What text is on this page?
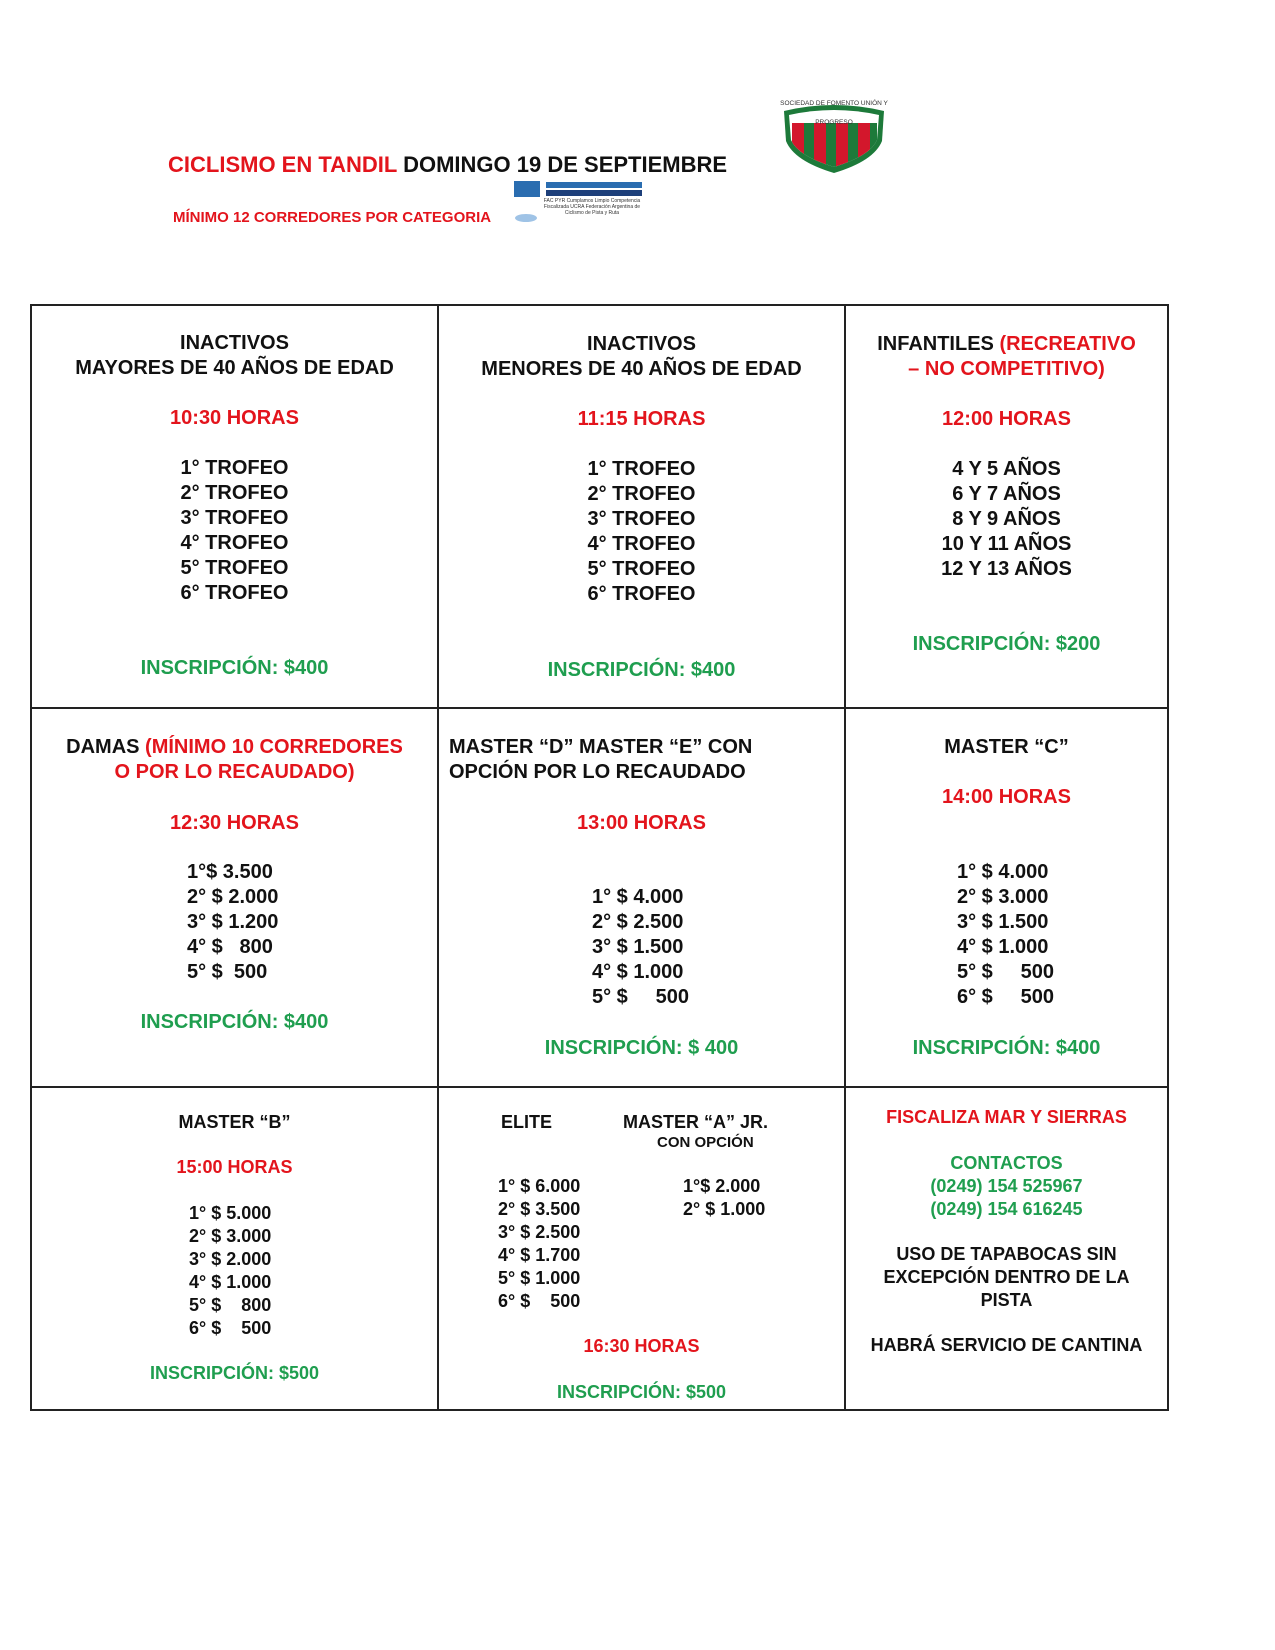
CICLISMO EN TANDIL DOMINGO 19 DE SEPTIEMBRE
MÍNIMO 12 CORREDORES POR CATEGORIA
SOCIEDAD DE FOMENTO UNIÓN Y PROGRESO
FAC PYR Cumplamos Limpio Competencia Fiscalizada UCRA Federación Argentina de Ciclismo de Pista y Ruta
INACTIVOS
MAYORES DE 40 AÑOS DE EDAD
10:30 HORAS
1° TROFEO
2° TROFEO
3° TROFEO
4° TROFEO
5° TROFEO
6° TROFEO
INSCRIPCIÓN: $400
INACTIVOS
MENORES DE 40 AÑOS DE EDAD
11:15 HORAS
1° TROFEO
2° TROFEO
3° TROFEO
4° TROFEO
5° TROFEO
6° TROFEO
INSCRIPCIÓN: $400
INFANTILES (RECREATIVO
– NO COMPETITIVO)
12:00 HORAS
4 Y 5 AÑOS
6 Y 7 AÑOS
8 Y 9 AÑOS
10 Y 11 AÑOS
12 Y 13 AÑOS
INSCRIPCIÓN: $200
DAMAS (MÍNIMO 10 CORREDORES
O POR LO RECAUDADO)
12:30 HORAS
1°$ 3.500
2° $ 2.000
3° $ 1.200
4° $   800
5° $  500
INSCRIPCIÓN: $400
MASTER “D” MASTER “E” CON
OPCIÓN POR LO RECAUDADO
13:00 HORAS
1° $ 4.000
2° $ 2.500
3° $ 1.500
4° $ 1.000
5° $     500
INSCRIPCIÓN: $ 400
MASTER “C”
14:00 HORAS
1° $ 4.000
2° $ 3.000
3° $ 1.500
4° $ 1.000
5° $     500
6° $     500
INSCRIPCIÓN: $400
MASTER “B”
15:00 HORAS
1° $ 5.000
2° $ 3.000
3° $ 2.000
4° $ 1.000
5° $    800
6° $    500
INSCRIPCIÓN: $500
ELITE	MASTER “A” JR.
CON OPCIÓN
1° $ 6.000
2° $ 3.500
3° $ 2.500
4° $ 1.700
5° $ 1.000
6° $    500
1°$ 2.000
2° $ 1.000
16:30 HORAS
INSCRIPCIÓN: $500
FISCALIZA MAR Y SIERRAS
CONTACTOS
(0249) 154 525967
(0249) 154 616245
USO DE TAPABOCAS SIN
EXCEPCIÓN DENTRO DE LA
PISTA
HABRÁ SERVICIO DE CANTINA
